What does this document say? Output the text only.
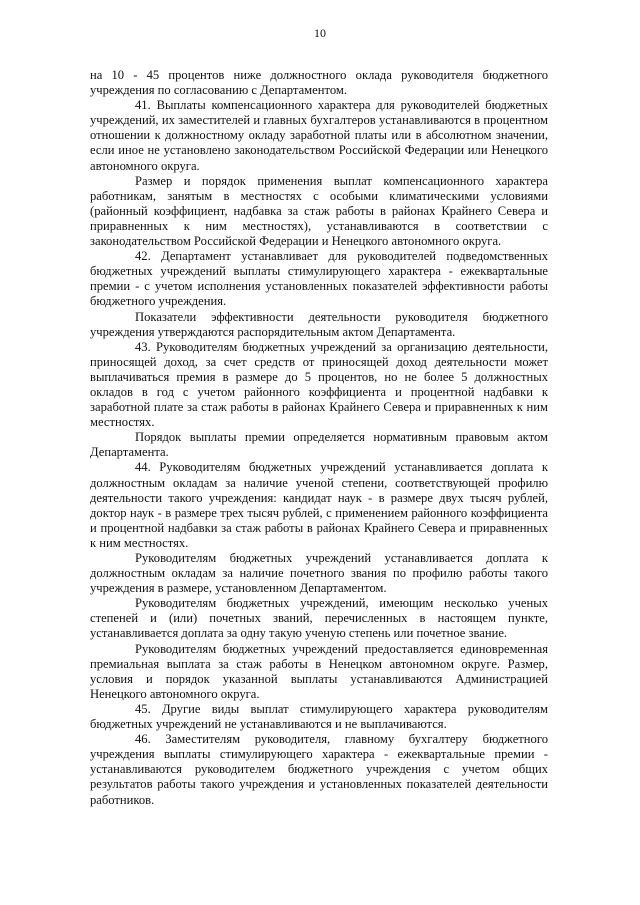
10

на 10 - 45 процентов ниже должностного оклада руководителя бюджетного учреждения по согласованию с Департаментом.

41. Выплаты компенсационного характера для руководителей бюджетных учреждений, их заместителей и главных бухгалтеров устанавливаются в процентном отношении к должностному окладу заработной платы или в абсолютном значении, если иное не установлено законодательством Российской Федерации или Ненецкого автономного округа.

Размер и порядок применения выплат компенсационного характера работникам, занятым в местностях с особыми климатическими условиями (районный коэффициент, надбавка за стаж работы в районах Крайнего Севера и приравненных к ним местностях), устанавливаются в соответствии с законодательством Российской Федерации и Ненецкого автономного округа.

42. Департамент устанавливает для руководителей подведомственных бюджетных учреждений выплаты стимулирующего характера - ежеквартальные премии - с учетом исполнения установленных показателей эффективности работы бюджетного учреждения.

Показатели эффективности деятельности руководителя бюджетного учреждения утверждаются распорядительным актом Департамента.

43. Руководителям бюджетных учреждений за организацию деятельности, приносящей доход, за счет средств от приносящей доход деятельности может выплачиваться премия в размере до 5 процентов, но не более 5 должностных окладов в год с учетом районного коэффициента и процентной надбавки к заработной плате за стаж работы в районах Крайнего Севера и приравненных к ним местностях.

Порядок выплаты премии определяется нормативным правовым актом Департамента.

44. Руководителям бюджетных учреждений устанавливается доплата к должностным окладам за наличие ученой степени, соответствующей профилю деятельности такого учреждения: кандидат наук - в размере двух тысяч рублей, доктор наук - в размере трех тысяч рублей, с применением районного коэффициента и процентной надбавки за стаж работы в районах Крайнего Севера и приравненных к ним местностях.

Руководителям бюджетных учреждений устанавливается доплата к должностным окладам за наличие почетного звания по профилю работы такого учреждения в размере, установленном Департаментом.

Руководителям бюджетных учреждений, имеющим несколько ученых степеней и (или) почетных званий, перечисленных в настоящем пункте, устанавливается доплата за одну такую ученую степень или почетное звание.

Руководителям бюджетных учреждений предоставляется единовременная премиальная выплата за стаж работы в Ненецком автономном округе. Размер, условия и порядок указанной выплаты устанавливаются Администрацией Ненецкого автономного округа.

45. Другие виды выплат стимулирующего характера руководителям бюджетных учреждений не устанавливаются и не выплачиваются.

46. Заместителям руководителя, главному бухгалтеру бюджетного учреждения выплаты стимулирующего характера - ежеквартальные премии - устанавливаются руководителем бюджетного учреждения с учетом общих результатов работы такого учреждения и установленных показателей деятельности работников.
